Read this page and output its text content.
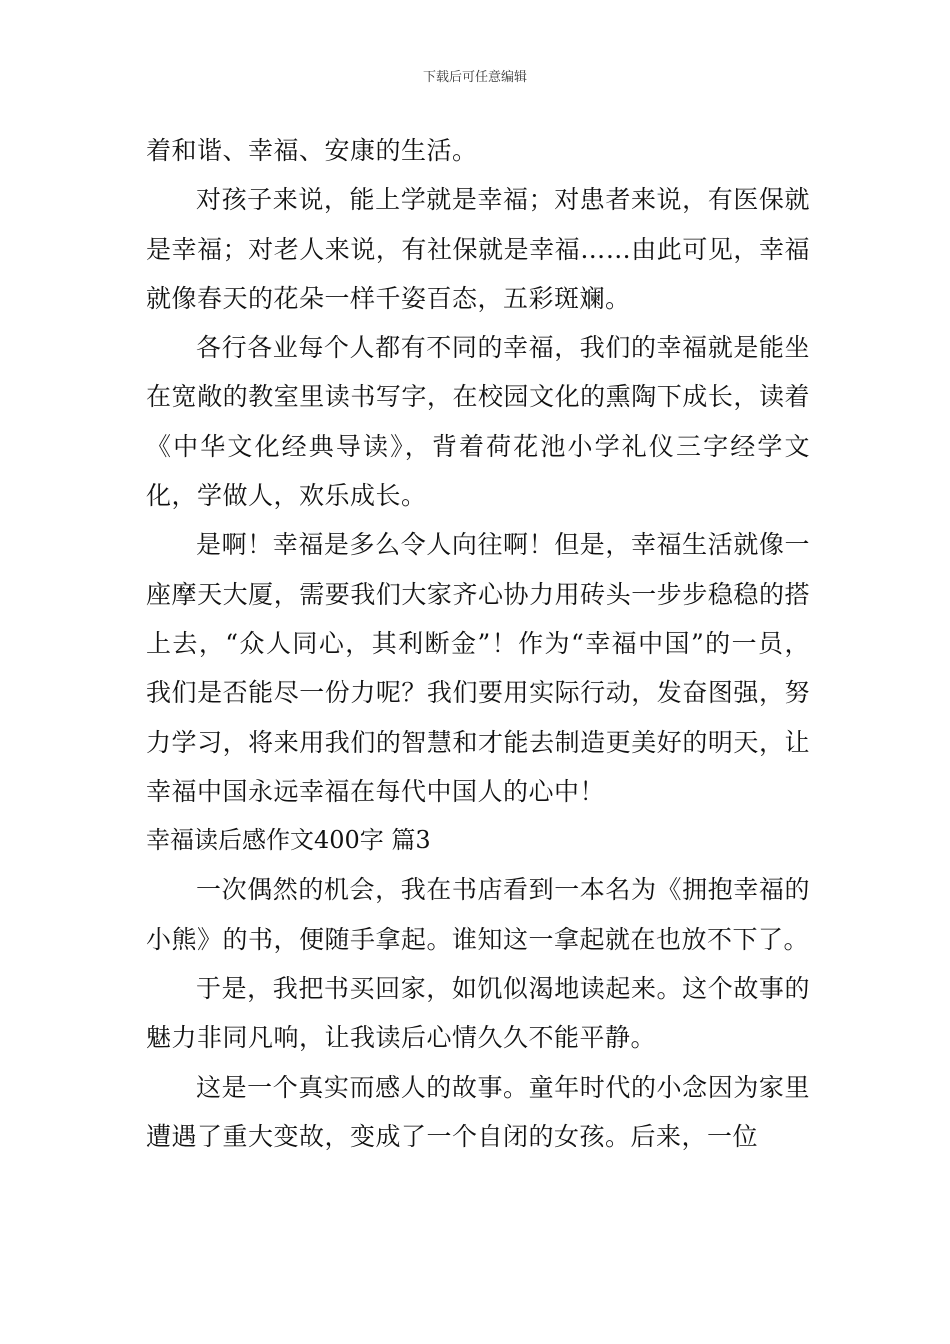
下载后可任意编辑

着和谐、幸福、安康的生活。

对孩子来说，能上学就是幸福；对患者来说，有医保就是幸福；对老人来说，有社保就是幸福……由此可见，幸福就像春天的花朵一样千姿百态，五彩斑斓。

各行各业每个人都有不同的幸福，我们的幸福就是能坐在宽敞的教室里读书写字，在校园文化的熏陶下成长，读着《中华文化经典导读》，背着荷花池小学礼仪三字经学文化，学做人，欢乐成长。

是啊！幸福是多么令人向往啊！但是，幸福生活就像一座摩天大厦，需要我们大家齐心协力用砖头一步步稳稳的搭上去，“众人同心，其利断金”！作为“幸福中国”的一员，我们是否能尽一份力呢？我们要用实际行动，发奋图强，努力学习，将来用我们的智慧和才能去制造更美好的明天，让幸福中国永远幸福在每代中国人的心中！

幸福读后感作文400字 篇3

一次偶然的机会，我在书店看到一本名为《拥抱幸福的小熊》的书，便随手拿起。谁知这一拿起就在也放不下了。

于是，我把书买回家，如饥似渴地读起来。这个故事的魅力非同凡响，让我读后心情久久不能平静。

这是一个真实而感人的故事。童年时代的小念因为家里遭遇了重大变故，变成了一个自闭的女孩。后来，一位
